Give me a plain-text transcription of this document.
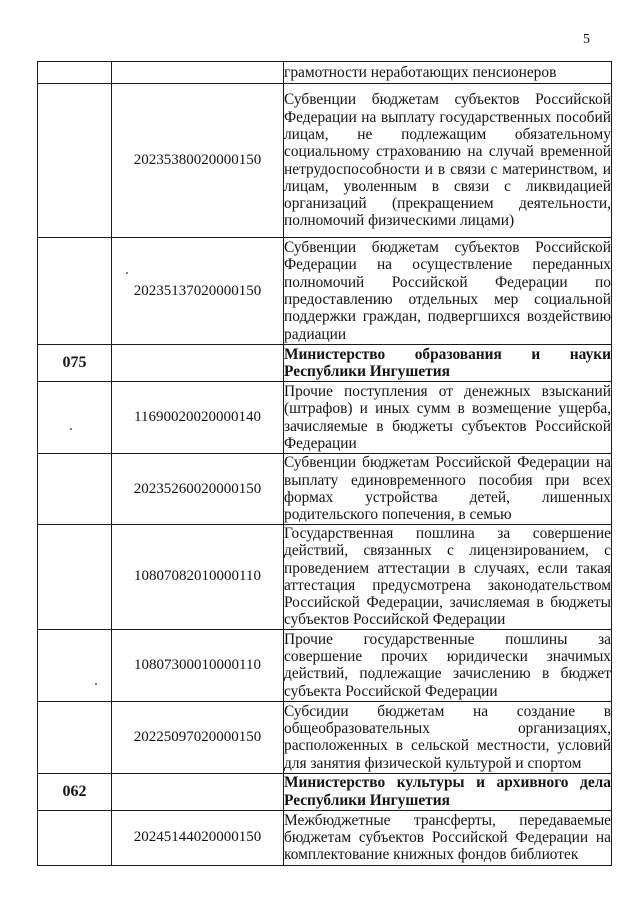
5
		грамотности неработающих пенсионеров
	20235380020000150	Субвенции бюджетам субъектов Российской Федерации на выплату государственных пособий лицам, не подлежащим обязательному социальному страхованию на случай временной нетрудоспособности и в связи с материнством, и лицам, уволенным в связи с ликвидацией организаций (прекращением деятельности, полномочий физическими лицами)
	20235137020000150	Субвенции бюджетам субъектов Российской Федерации на осуществление переданных полномочий Российской Федерации по предоставлению отдельных мер социальной поддержки граждан, подвергшихся воздействию радиации
075		Министерство образования и науки Республики Ингушетия
	11690020020000140	Прочие поступления от денежных взысканий (штрафов) и иных сумм в возмещение ущерба, зачисляемые в бюджеты субъектов Российской Федерации
	20235260020000150	Субвенции бюджетам Российской Федерации на выплату единовременного пособия при всех формах устройства детей, лишенных родительского попечения, в семью
	10807082010000110	Государственная пошлина за совершение действий, связанных с лицензированием, с проведением аттестации в случаях, если такая аттестация предусмотрена законодательством Российской Федерации, зачисляемая в бюджеты субъектов Российской Федерации
	10807300010000110	Прочие государственные пошлины за совершение прочих юридически значимых действий, подлежащие зачислению в бюджет субъекта Российской Федерации
	20225097020000150	Субсидии бюджетам на создание в общеобразовательных организациях, расположенных в сельской местности, условий для занятия физической культурой и спортом
062		Министерство культуры и архивного дела Республики Ингушетия
	20245144020000150	Межбюджетные трансферты, передаваемые бюджетам субъектов Российской Федерации на комплектование книжных фондов библиотек
